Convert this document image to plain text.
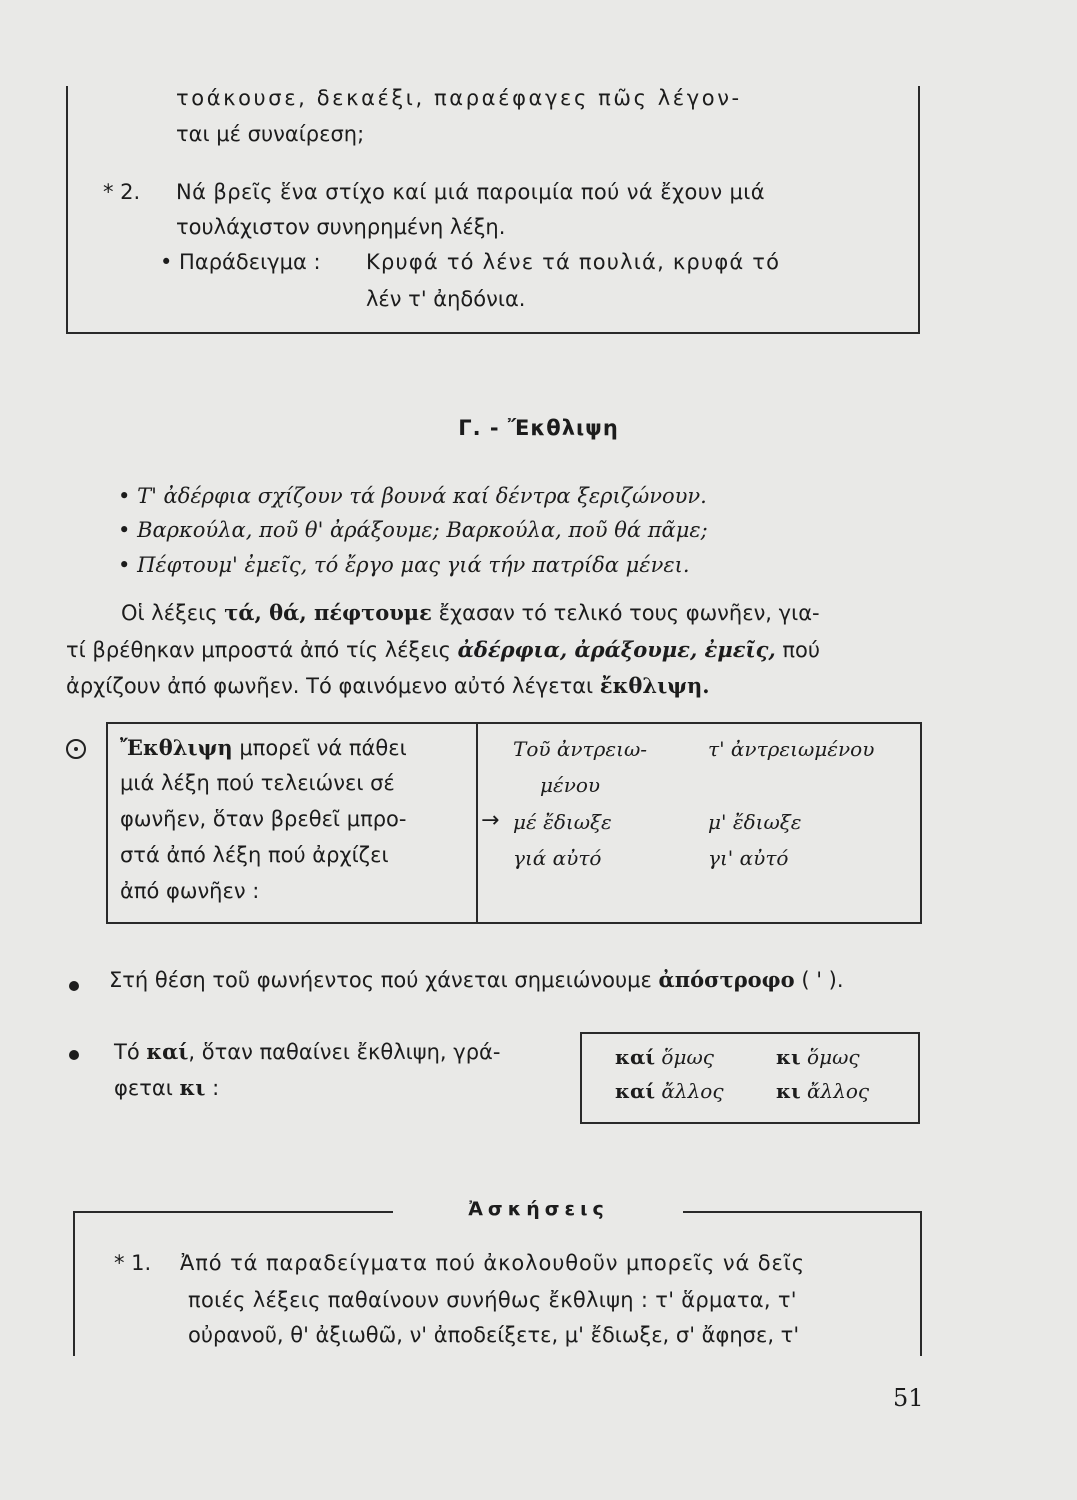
τοάκουσε, δεκαέξι, παραέφαγες πῶς λέγον-
ται μέ συναίρεση;
* 2. Νά βρεῖς ἕνα στίχο καί μιά παροιμία πού νά ἔχουν μιά
τουλάχιστον συνηρημένη λέξη.
• Παράδειγμα : Κρυφά τό λένε τά πουλιά, κρυφά τό
λέν τ' ἀηδόνια.
Γ. - Ἔκθλιψη
• Τ' ἀδέρφια σχίζουν τά βουνά καί δέντρα ξεριζώνουν.
• Βαρκούλα, ποῦ θ' ἀράξουμε; Βαρκούλα, ποῦ θά πᾶμε;
• Πέφτουμ' ἐμεῖς, τό ἔργο μας γιά τήν πατρίδα μένει.
Οἱ λέξεις τά, θά, πέφτουμε ἔχασαν τό τελικό τους φωνῆεν, για-
τί βρέθηκαν μπροστά ἀπό τίς λέξεις ἀδέρφια, ἀράξουμε, ἐμεῖς, πού
ἀρχίζουν ἀπό φωνῆεν. Τό φαινόμενο αὐτό λέγεται ἔκθλιψη.
Ἔκθλιψη μπορεῖ νά πάθει
μιά λέξη πού τελειώνει σέ
φωνῆεν, ὅταν βρεθεῖ μπρο-
στά ἀπό λέξη πού ἀρχίζει
ἀπό φωνῆεν :
Τοῦ ἀντρειω-
μένου
→ μέ ἔδιωξε
γιά αὐτό
τ' ἀντρειωμένου
μ' ἔδιωξε
γι' αὐτό
Στή θέση τοῦ φωνήεντος πού χάνεται σημειώνουμε ἀπόστροφο ( ' ).
Τό καί, ὅταν παθαίνει ἔκθλιψη, γρά-
φεται κι :
καί ὅμως	κι ὅμως
καί ἄλλος	κι ἄλλος
Ἀσκήσεις
* 1. Ἀπό τά παραδείγματα πού ἀκολουθοῦν μπορεῖς νά δεῖς
ποιές λέξεις παθαίνουν συνήθως ἔκθλιψη : τ' ἅρματα, τ'
οὐρανοῦ, θ' ἀξιωθῶ, ν' ἀποδείξετε, μ' ἔδιωξε, σ' ἄφησε, τ'
51
